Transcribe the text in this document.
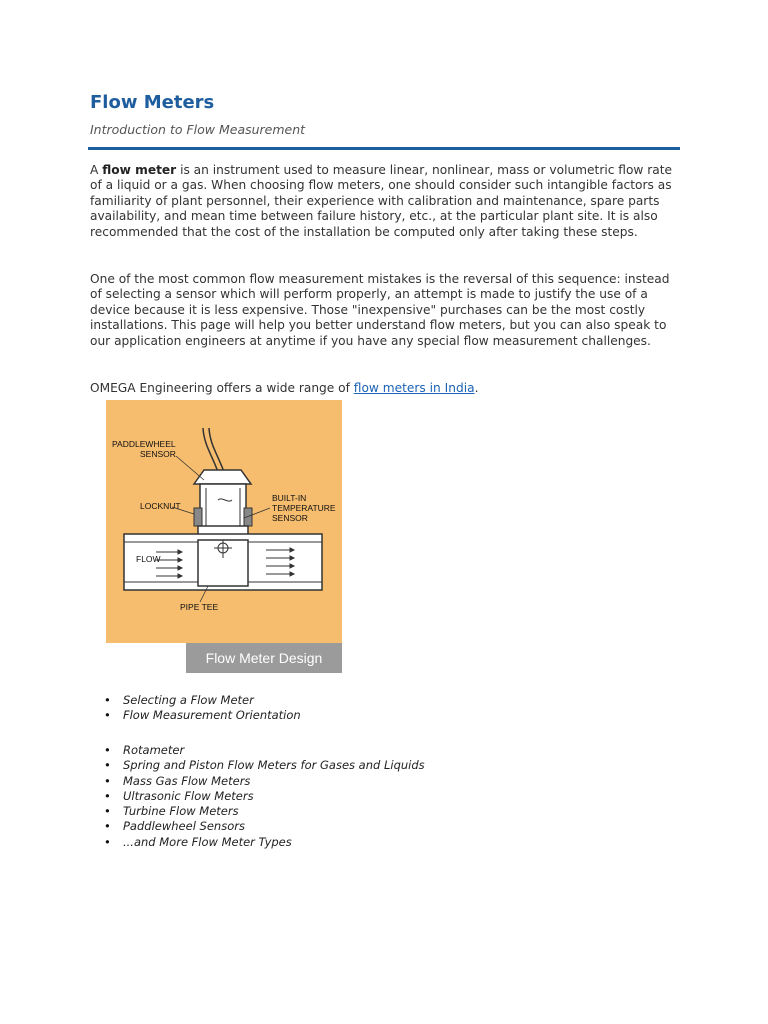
Flow Meters
Introduction to Flow Measurement

A flow meter is an instrument used to measure linear, nonlinear, mass or volumetric flow rate of a liquid or a gas. When choosing flow meters, one should consider such intangible factors as familiarity of plant personnel, their experience with calibration and maintenance, spare parts availability, and mean time between failure history, etc., at the particular plant site. It is also recommended that the cost of the installation be computed only after taking these steps.

One of the most common flow measurement mistakes is the reversal of this sequence: instead of selecting a sensor which will perform properly, an attempt is made to justify the use of a device because it is less expensive. Those "inexpensive" purchases can be the most costly installations. This page will help you better understand flow meters, but you can also speak to our application engineers at anytime if you have any special flow measurement challenges.

OMEGA Engineering offers a wide range of flow meters in India.

PADDLEWHEEL
SENSOR
LOCKNUT
BUILT-IN
TEMPERATURE
SENSOR
FLOW
PIPE TEE
Flow Meter Design
• Selecting a Flow Meter
• Flow Measurement Orientation
• Rotameter
• Spring and Piston Flow Meters for Gases and Liquids
• Mass Gas Flow Meters
• Ultrasonic Flow Meters
• Turbine Flow Meters
• Paddlewheel Sensors
• ...and More Flow Meter Types
